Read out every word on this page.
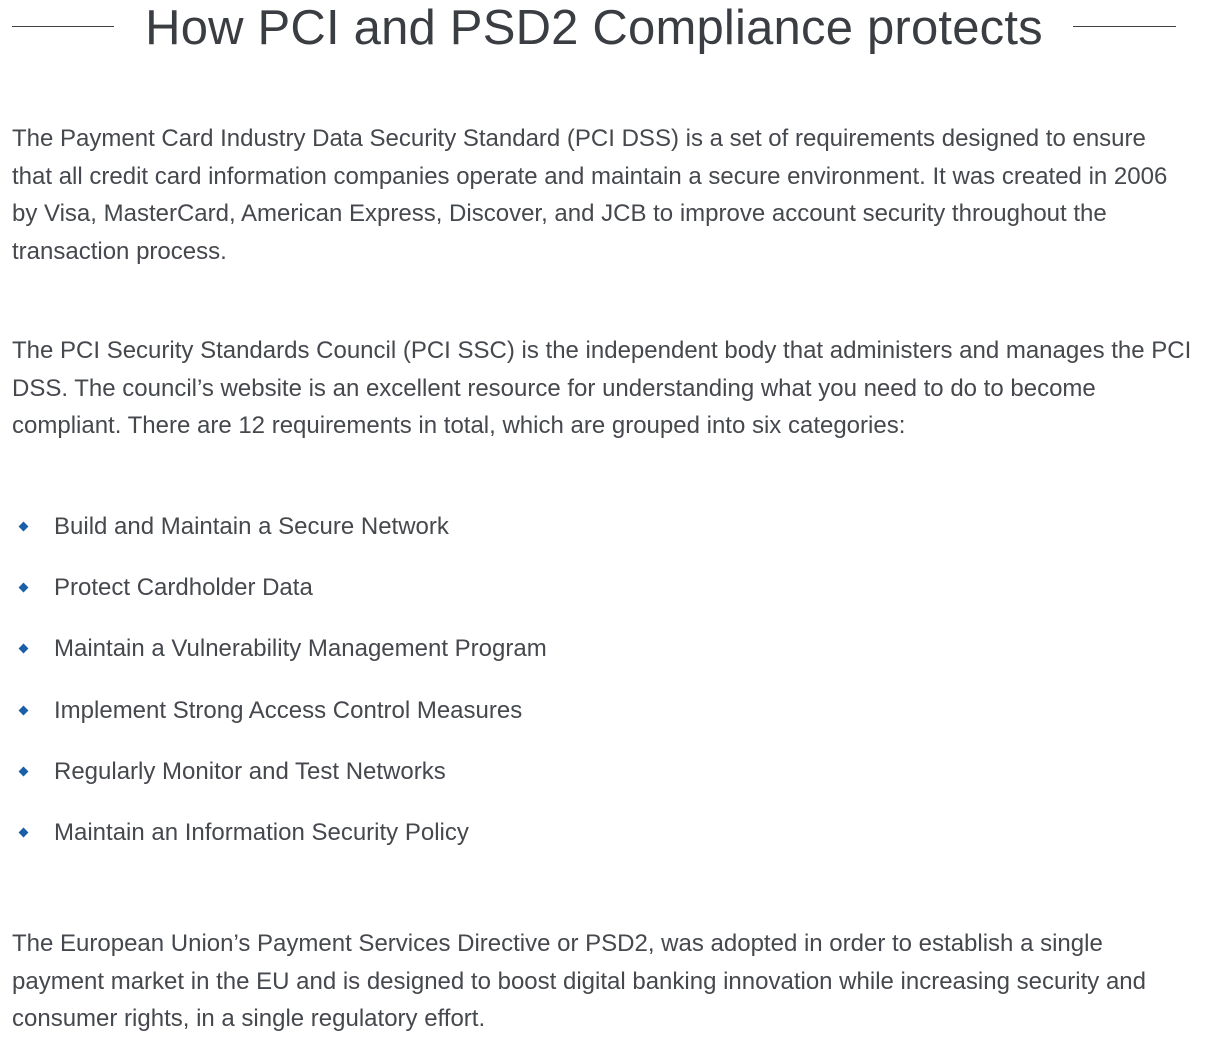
How PCI and PSD2 Compliance protects

The Payment Card Industry Data Security Standard (PCI DSS) is a set of requirements designed to ensure that all credit card information companies operate and maintain a secure environment. It was created in 2006 by Visa, MasterCard, American Express, Discover, and JCB to improve account security throughout the transaction process.

The PCI Security Standards Council (PCI SSC) is the independent body that administers and manages the PCI DSS. The council’s website is an excellent resource for understanding what you need to do to become compliant. There are 12 requirements in total, which are grouped into six categories:

Build and Maintain a Secure Network
Protect Cardholder Data
Maintain a Vulnerability Management Program
Implement Strong Access Control Measures
Regularly Monitor and Test Networks
Maintain an Information Security Policy

The European Union’s Payment Services Directive or PSD2, was adopted in order to establish a single payment market in the EU and is designed to boost digital banking innovation while increasing security and consumer rights, in a single regulatory effort.
